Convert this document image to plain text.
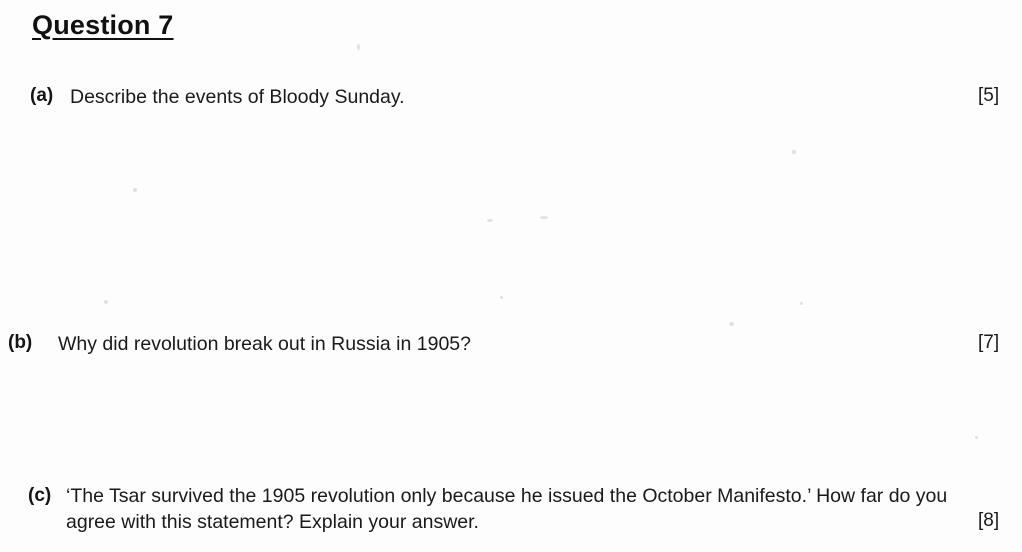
Question 7
(a) Describe the events of Bloody Sunday.	[5]
(b) Why did revolution break out in Russia in 1905?	[7]
(c) ‘The Tsar survived the 1905 revolution only because he issued the October Manifesto.’ How far do you agree with this statement? Explain your answer.	[8]
